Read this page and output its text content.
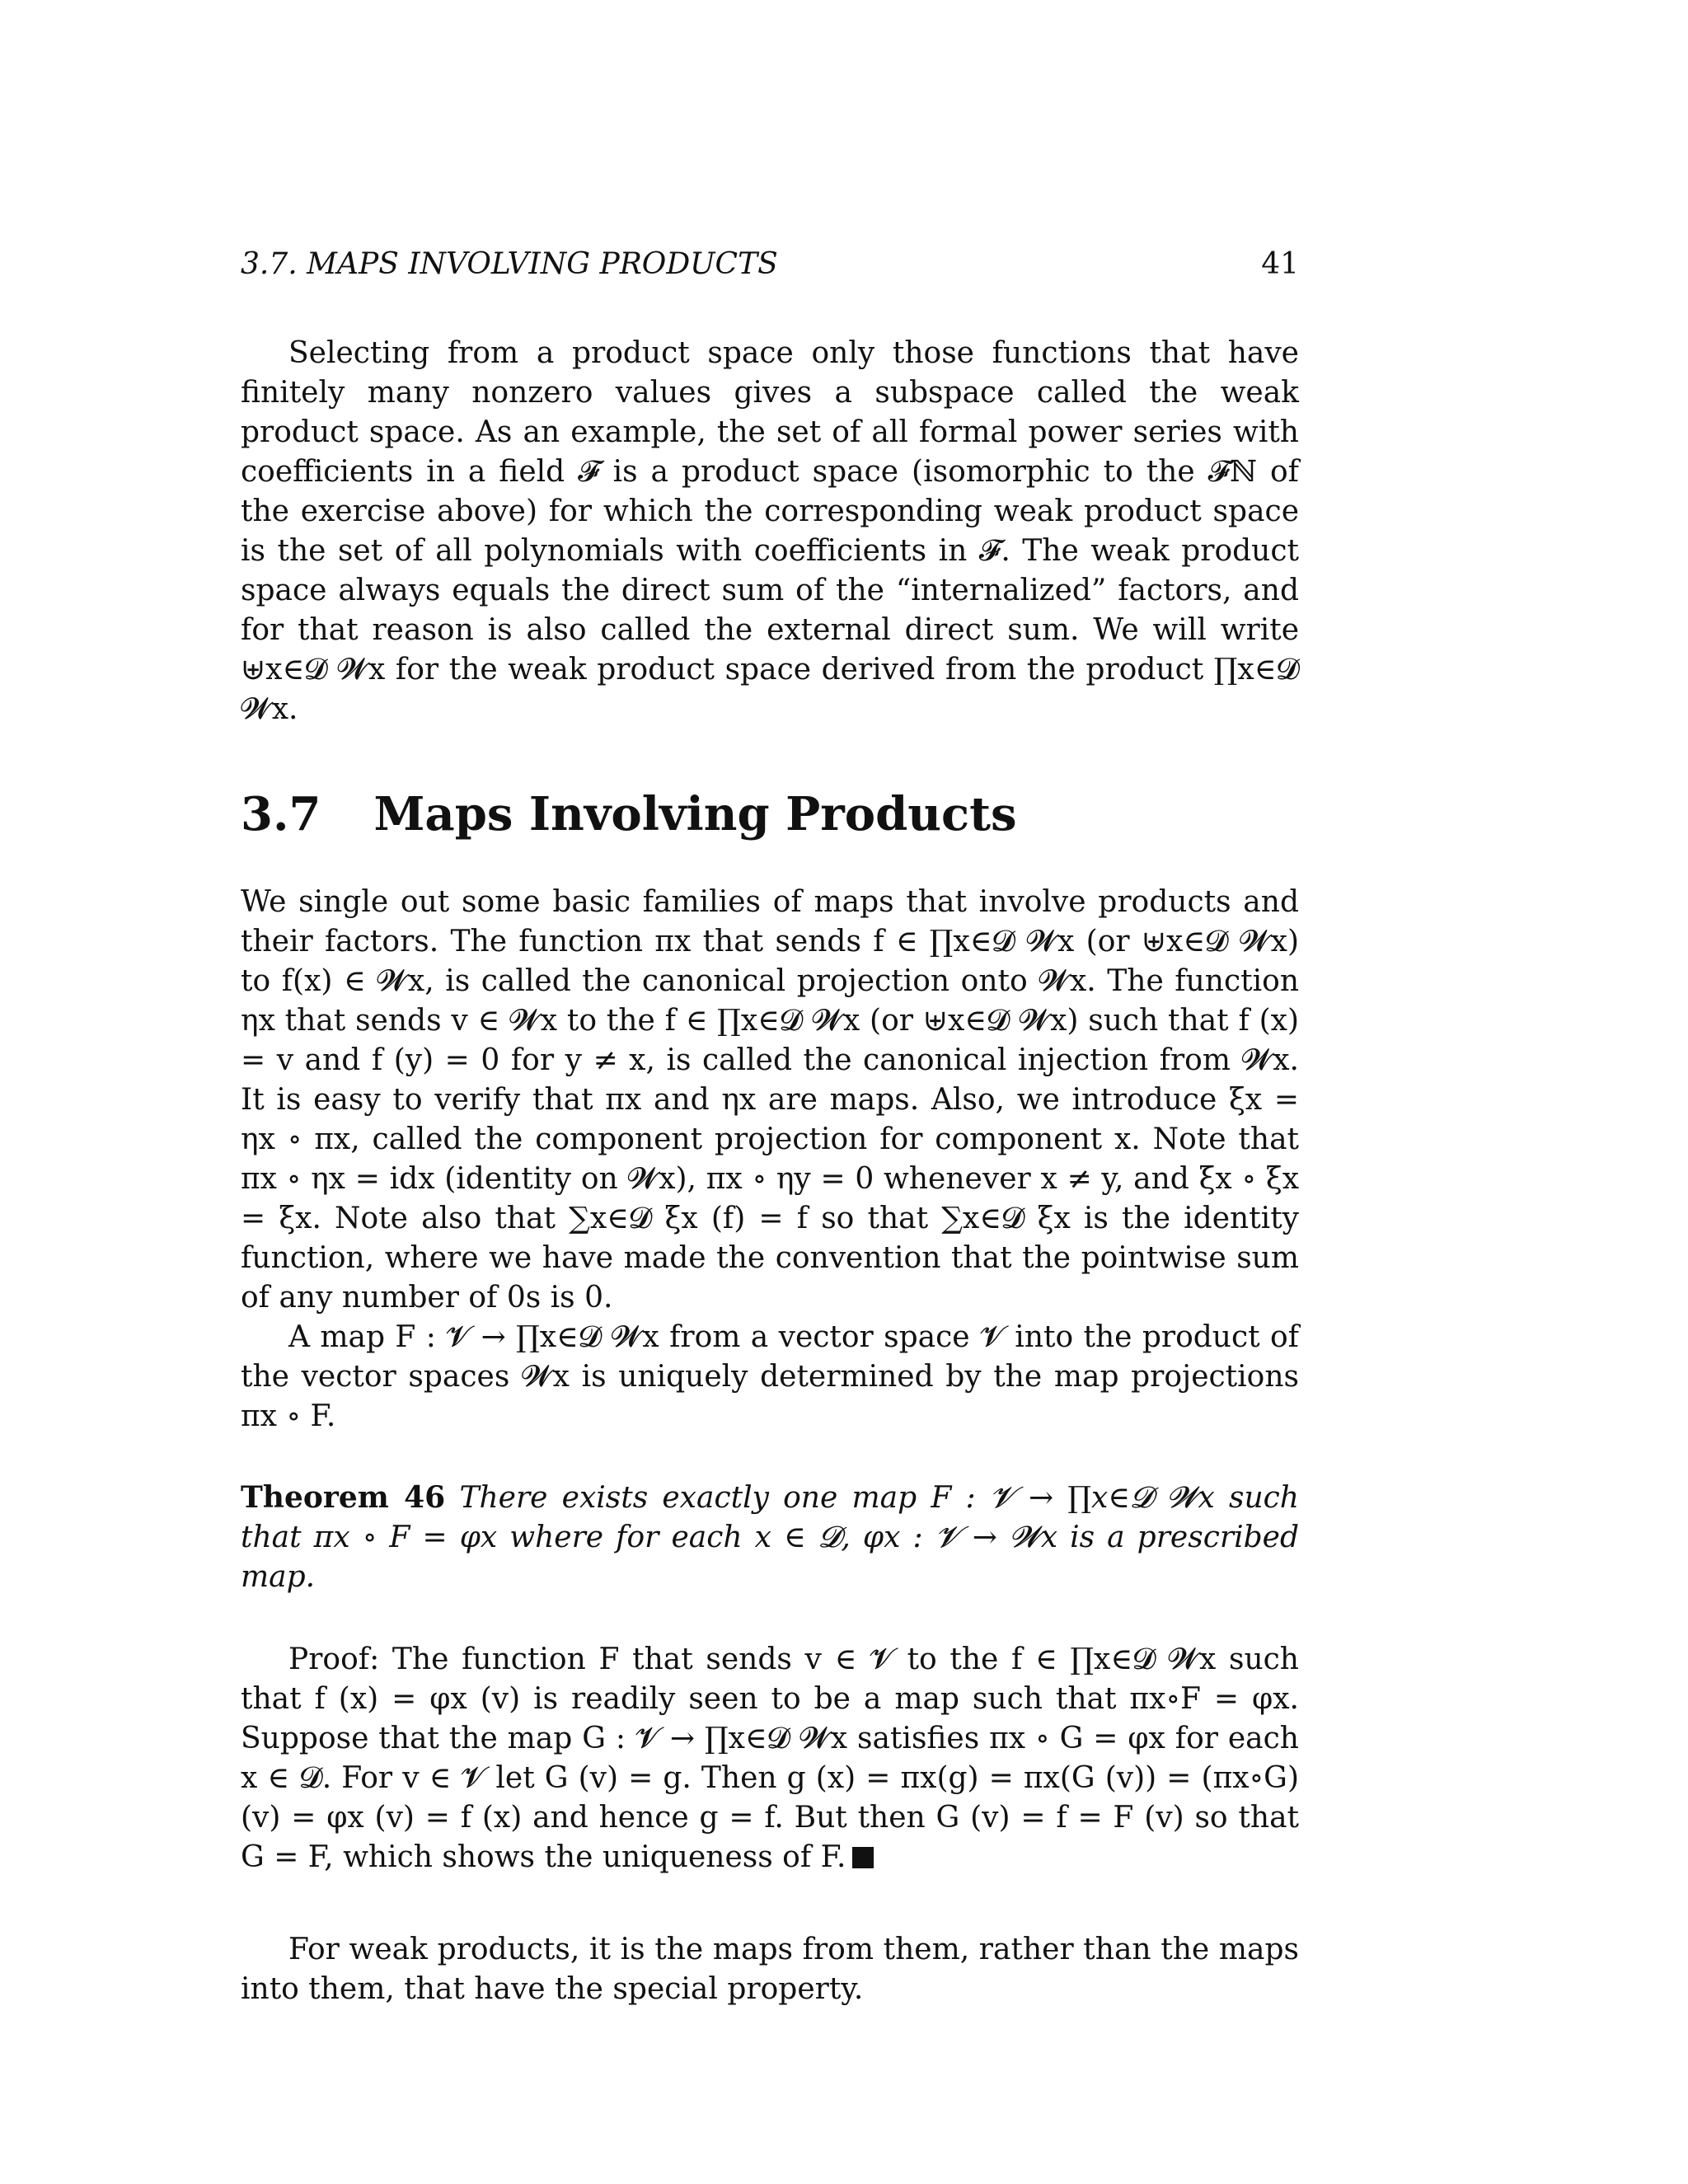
3.7. MAPS INVOLVING PRODUCTS	41

Selecting from a product space only those functions that have finitely many nonzero values gives a subspace called the weak product space. As an example, the set of all formal power series with coefficients in a field 𝓕 is a product space (isomorphic to the 𝓕ℕ of the exercise above) for which the corresponding weak product space is the set of all polynomials with coefficients in 𝓕. The weak product space always equals the direct sum of the “internalized” factors, and for that reason is also called the external direct sum. We will write ⊎x∈𝓓 𝓦x for the weak product space derived from the product ∏x∈𝓓 𝓦x.

3.7 Maps Involving Products

We single out some basic families of maps that involve products and their factors. The function πx that sends f ∈ ∏x∈𝓓 𝓦x (or ⊎x∈𝓓 𝓦x) to f(x) ∈ 𝓦x, is called the canonical projection onto 𝓦x. The function ηx that sends v ∈ 𝓦x to the f ∈ ∏x∈𝓓 𝓦x (or ⊎x∈𝓓 𝓦x) such that f (x) = v and f (y) = 0 for y ≠ x, is called the canonical injection from 𝓦x. It is easy to verify that πx and ηx are maps. Also, we introduce ξx = ηx ∘ πx, called the component projection for component x. Note that πx ∘ ηx = idx (identity on 𝓦x), πx ∘ ηy = 0 whenever x ≠ y, and ξx ∘ ξx = ξx. Note also that ∑x∈𝓓 ξx (f) = f so that ∑x∈𝓓 ξx is the identity function, where we have made the convention that the pointwise sum of any number of 0s is 0.

A map F : 𝓥 → ∏x∈𝓓 𝓦x from a vector space 𝓥 into the product of the vector spaces 𝓦x is uniquely determined by the map projections πx ∘ F.

Theorem 46 There exists exactly one map F : 𝓥 → ∏x∈𝓓 𝓦x such that πx ∘ F = φx where for each x ∈ 𝓓, φx : 𝓥 → 𝓦x is a prescribed map.

Proof: The function F that sends v ∈ 𝓥 to the f ∈ ∏x∈𝓓 𝓦x such that f (x) = φx (v) is readily seen to be a map such that πx∘F = φx. Suppose that the map G : 𝓥 → ∏x∈𝓓 𝓦x satisfies πx ∘ G = φx for each x ∈ 𝓓. For v ∈ 𝓥 let G (v) = g. Then g (x) = πx(g) = πx(G (v)) = (πx∘G) (v) = φx (v) = f (x) and hence g = f. But then G (v) = f = F (v) so that G = F, which shows the uniqueness of F.

For weak products, it is the maps from them, rather than the maps into them, that have the special property.
